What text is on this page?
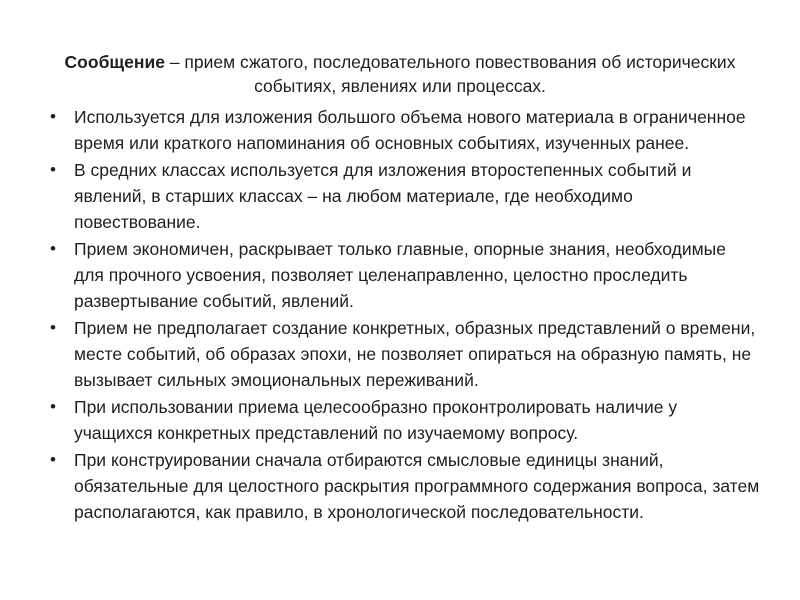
Сообщение – прием сжатого, последовательного повествования об исторических событиях, явлениях или процессах.

• Используется для изложения большого объема нового материала в ограниченное время или краткого напоминания об основных событиях, изученных ранее.
• В средних классах используется для изложения второстепенных событий и явлений, в старших классах – на любом материале, где необходимо повествование.
• Прием экономичен, раскрывает только главные, опорные знания, необходимые для прочного усвоения, позволяет целенаправленно, целостно проследить развертывание событий, явлений.
• Прием не предполагает создание конкретных, образных представлений о времени, месте событий, об образах эпохи, не позволяет опираться на образную память, не вызывает сильных эмоциональных переживаний.
• При использовании приема целесообразно проконтролировать наличие у учащихся конкретных представлений по изучаемому вопросу.
• При конструировании сначала отбираются смысловые единицы знаний, обязательные для целостного раскрытия программного содержания вопроса, затем располагаются, как правило, в хронологической последовательности.
